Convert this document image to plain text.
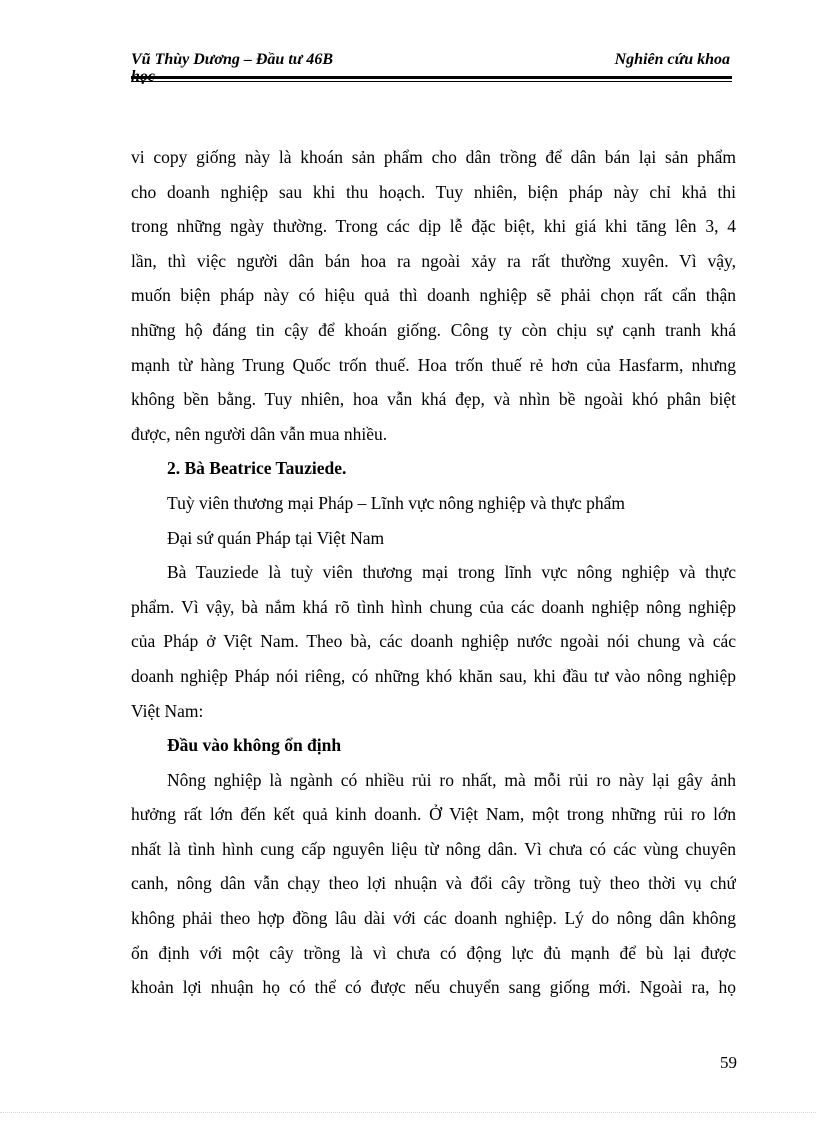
Vũ Thùy Dương – Đầu tư 46B	Nghiên cứu khoa
vi copy giống này là khoán sản phẩm cho dân trồng để dân bán lại sản phẩm
cho doanh nghiệp sau khi thu hoạch. Tuy nhiên, biện pháp này chỉ khả thi
trong những ngày thường. Trong các dịp lễ đặc biệt, khi giá khi tăng lên 3, 4
lần, thì việc người dân bán hoa ra ngoài xảy ra rất thường xuyên. Vì vậy,
muốn biện pháp này có hiệu quả thì doanh nghiệp sẽ phải chọn rất cẩn thận
những hộ đáng tin cậy để khoán giống. Công ty còn chịu sự cạnh tranh khá
mạnh từ hàng Trung Quốc trốn thuế. Hoa trốn thuế rẻ hơn của Hasfarm, nhưng
không bền bằng. Tuy nhiên, hoa vẫn khá đẹp, và nhìn bề ngoài khó phân biệt
được, nên người dân vẫn mua nhiều.
2. Bà Beatrice Tauziede.
Tuỳ viên thương mại Pháp – Lĩnh vực nông nghiệp và thực phẩm
Đại sứ quán Pháp tại Việt Nam
Bà Tauziede là tuỳ viên thương mại trong lĩnh vực nông nghiệp và thực
phẩm. Vì vậy, bà nắm khá rõ tình hình chung của các doanh nghiệp nông nghiệp
của Pháp ở Việt Nam. Theo bà, các doanh nghiệp nước ngoài nói chung và các
doanh nghiệp Pháp nói riêng, có những khó khăn sau, khi đầu tư vào nông nghiệp
Việt Nam:
Đầu vào không ổn định
Nông nghiệp là ngành có nhiều rủi ro nhất, mà mỗi rủi ro này lại gây ảnh
hưởng rất lớn đến kết quả kinh doanh. Ở Việt Nam, một trong những rủi ro lớn
nhất là tình hình cung cấp nguyên liệu từ nông dân. Vì chưa có các vùng chuyên
canh, nông dân vẫn chạy theo lợi nhuận và đổi cây trồng tuỳ theo thời vụ chứ
không phải theo hợp đồng lâu dài với các doanh nghiệp. Lý do nông dân không
ổn định với một cây trồng là vì chưa có động lực đủ mạnh để bù lại được
khoản lợi nhuận họ có thể có được nếu chuyển sang giống mới. Ngoài ra, họ
59
